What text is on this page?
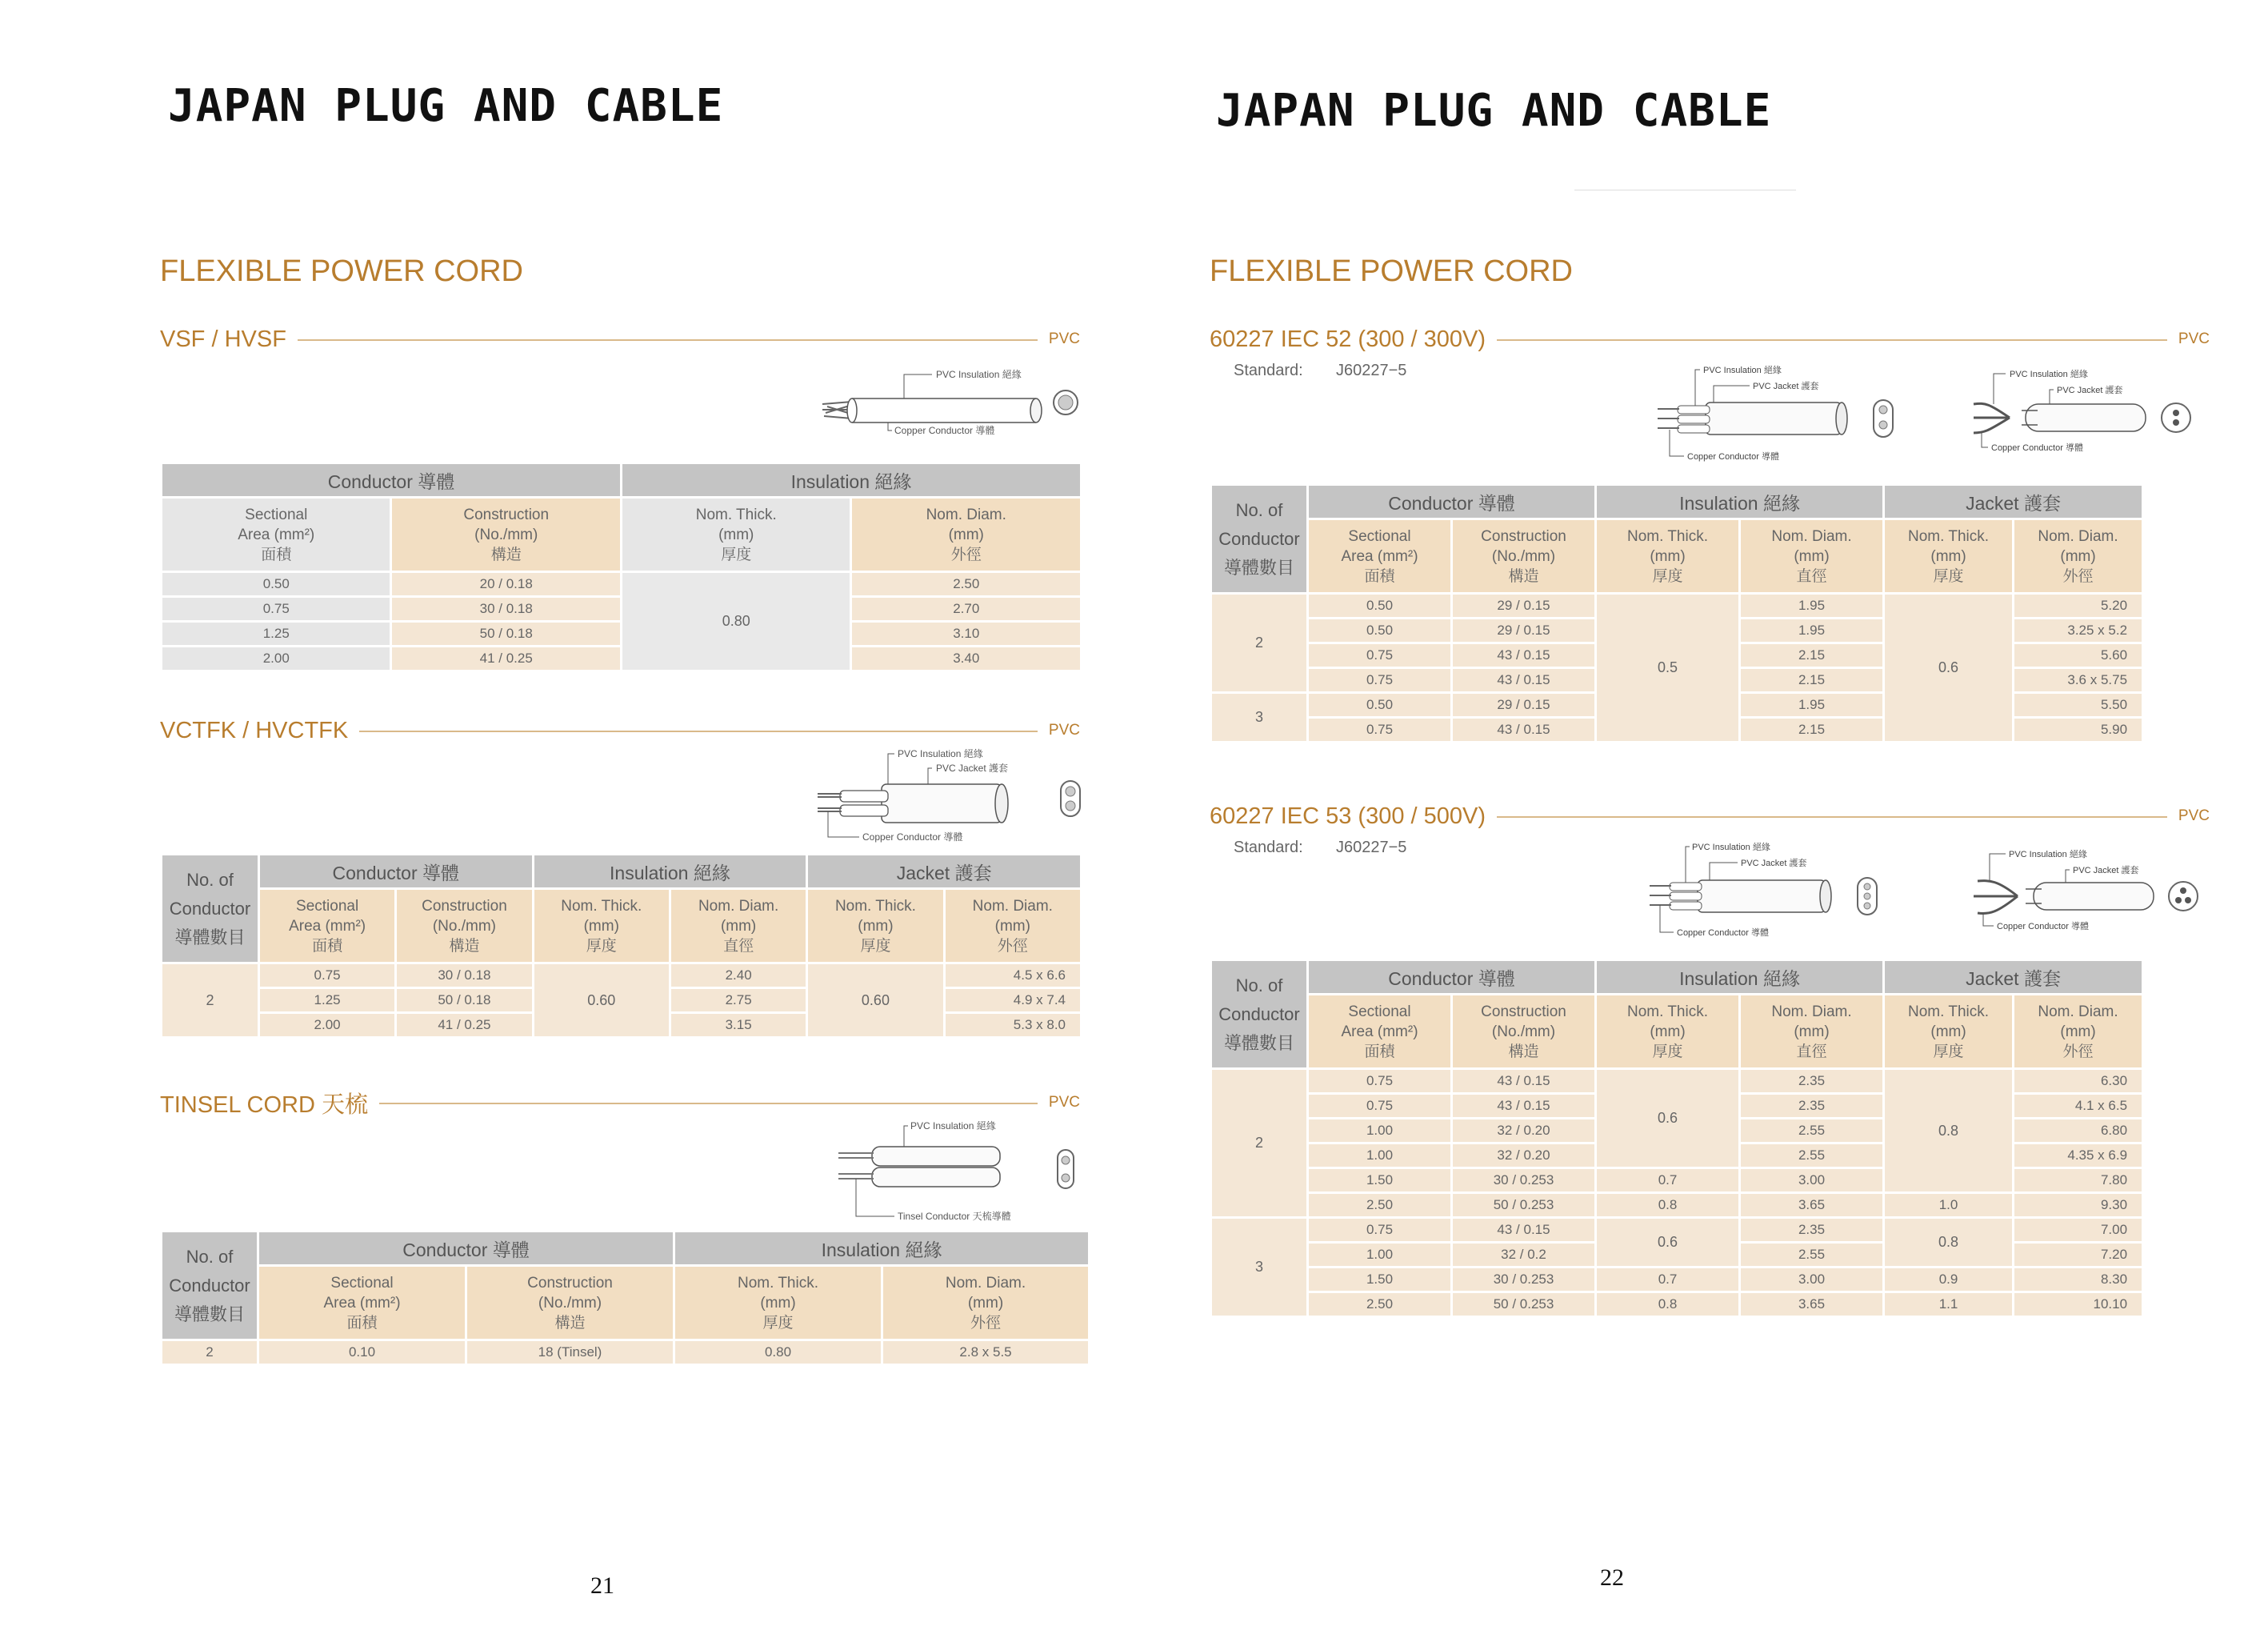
JAPAN PLUG AND CABLE
FLEXIBLE POWER CORD
VSF / HVSF	PVC
PVC Insulation 絕緣
Copper Conductor 導體
Conductor 導體		Insulation 絕緣	
Sectional
Area (mm²)
面積	Construction
(No./mm)
構造	Nom. Thick.
(mm)
厚度	Nom. Diam.
(mm)
外徑
0.50	20 / 0.18	0.80	2.50
0.75	30 / 0.18		2.70
1.25	50 / 0.18		3.10
2.00	41 / 0.25		3.40
VCTFK / HVCTFK	PVC
PVC Insulation 絕緣
PVC Jacket 護套
Copper Conductor 導體
No. of
Conductor
導體數目	Conductor 導體		Insulation 絕緣		Jacket 護套	
	Sectional
Area (mm²)
面積	Construction
(No./mm)
構造	Nom. Thick.
(mm)
厚度	Nom. Diam.
(mm)
直徑	Nom. Thick.
(mm)
厚度	Nom. Diam.
(mm)
外徑
2	0.75	30 / 0.18	0.60	2.40	0.60	4.5 x 6.6
	1.25	50 / 0.18		2.75		4.9 x 7.4
	2.00	41 / 0.25		3.15		5.3 x 8.0
TINSEL CORD 天梳	PVC
PVC Insulation 絕緣
Tinsel Conductor 天梳導體
No. of
Conductor
導體數目	Conductor 導體		Insulation 絕緣	
	Sectional
Area (mm²)
面積	Construction
(No./mm)
構造	Nom. Thick.
(mm)
厚度	Nom. Diam.
(mm)
外徑
2	0.10	18 (Tinsel)	0.80	2.8 x 5.5
21
JAPAN PLUG AND CABLE
FLEXIBLE POWER CORD
60227 IEC 52 (300 / 300V)	PVC
Standard: J60227−5	PVC Insulation 絕緣
PVC Jacket 護套
Copper Conductor 導體
PVC Insulation 絕緣
PVC Jacket 護套
Copper Conductor 導體
No. of
Conductor
導體數目	Conductor 導體		Insulation 絕緣		Jacket 護套	
	Sectional
Area (mm²)
面積	Construction
(No./mm)
構造	Nom. Thick.
(mm)
厚度	Nom. Diam.
(mm)
直徑	Nom. Thick.
(mm)
厚度	Nom. Diam.
(mm)
外徑
2	0.50	29 / 0.15	0.5	1.95	0.6	5.20
	0.50	29 / 0.15		1.95		3.25 x 5.2
	0.75	43 / 0.15		2.15		5.60
	0.75	43 / 0.15		2.15		3.6 x 5.75
3	0.50	29 / 0.15		1.95		5.50
	0.75	43 / 0.15		2.15		5.90
60227 IEC 53 (300 / 500V)	PVC
Standard: J60227−5	PVC Insulation 絕緣
PVC Jacket 護套
Copper Conductor 導體
PVC Insulation 絕緣
PVC Jacket 護套
Copper Conductor 導體
No. of
Conductor
導體數目	Conductor 導體		Insulation 絕緣		Jacket 護套	
	Sectional
Area (mm²)
面積	Construction
(No./mm)
構造	Nom. Thick.
(mm)
厚度	Nom. Diam.
(mm)
直徑	Nom. Thick.
(mm)
厚度	Nom. Diam.
(mm)
外徑
2	0.75	43 / 0.15	0.6	2.35	0.8	6.30
	0.75	43 / 0.15		2.35		4.1 x 6.5
	1.00	32 / 0.20		2.55		6.80
	1.00	32 / 0.20		2.55		4.35 x 6.9
	1.50	30 / 0.253	0.7	3.00		7.80
	2.50	50 / 0.253	0.8	3.65	1.0	9.30
3	0.75	43 / 0.15	0.6	2.35	0.8	7.00
	1.00	32 / 0.2		2.55		7.20
	1.50	30 / 0.253	0.7	3.00	0.9	8.30
	2.50	50 / 0.253	0.8	3.65	1.1	10.10
22
